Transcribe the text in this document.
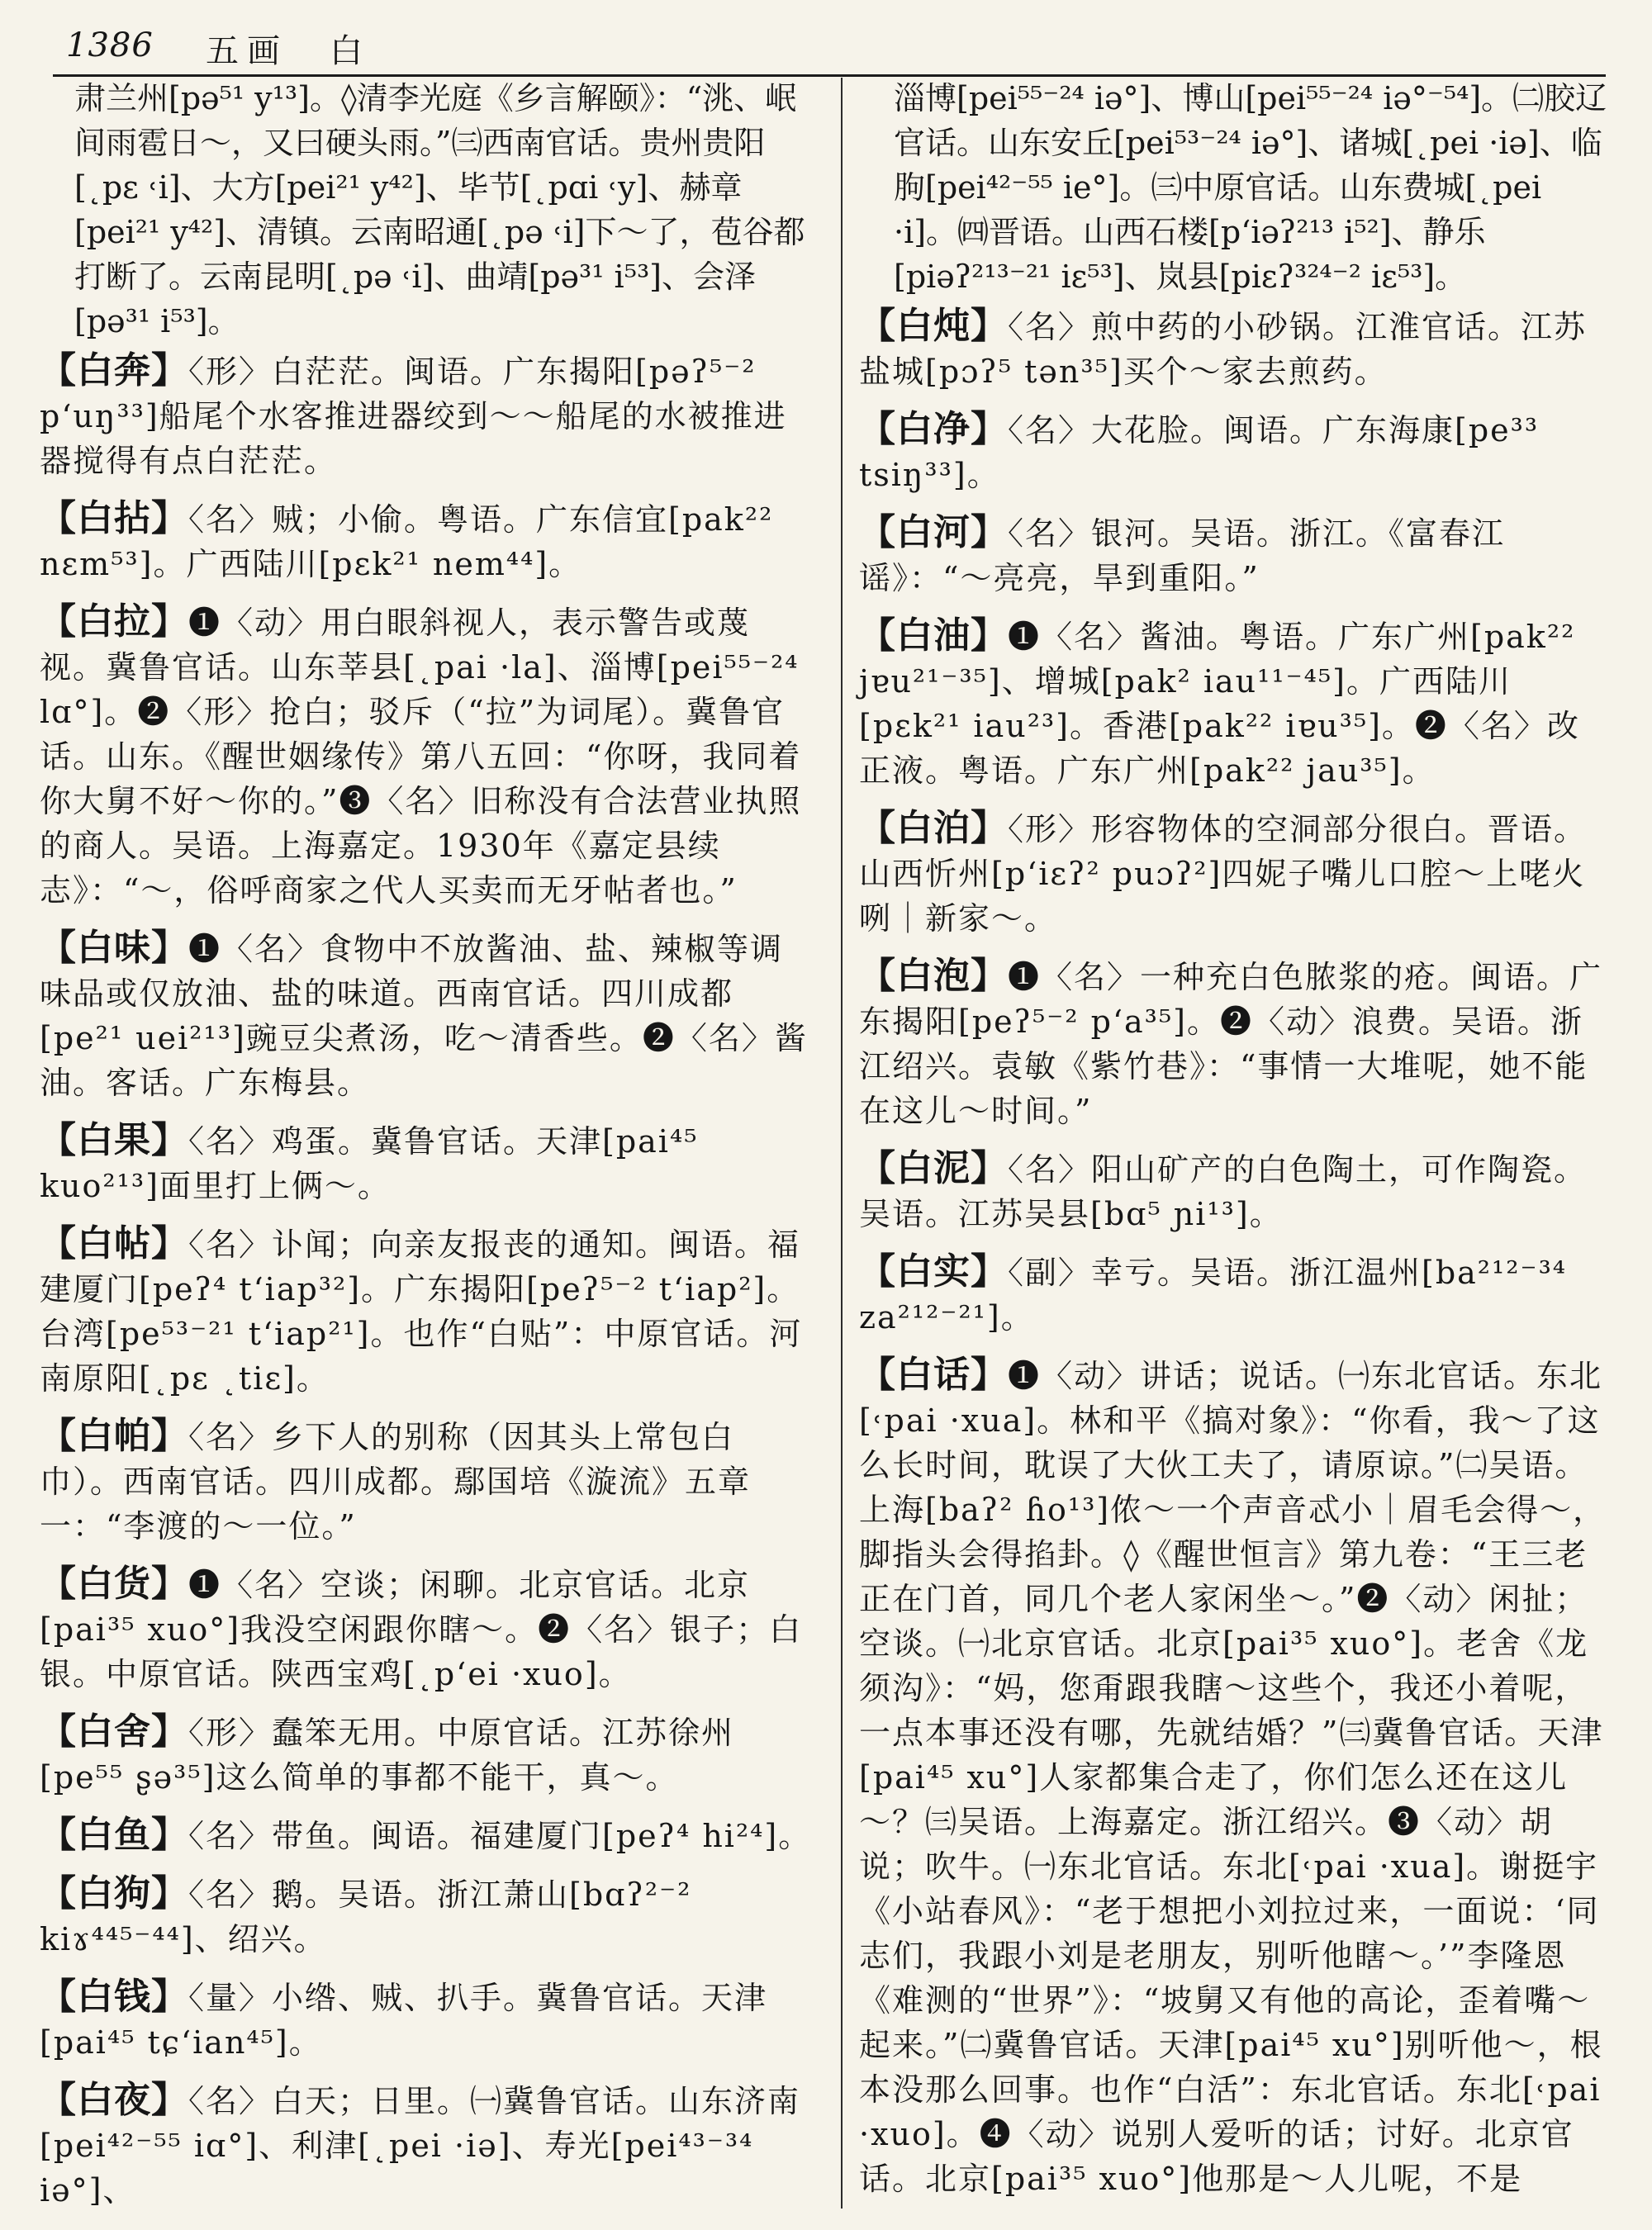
1386 五画　白

肃兰州[pə⁵¹ y¹³]。◊清李光庭《乡言解颐》：“洮、岷间雨雹日～，又曰硬头雨。”㈢西南官话。贵州贵阳[˛pɛ ˓i]、大方[pei²¹ y⁴²]、毕节[˛pɑi ˓y]、赫章[pei²¹ y⁴²]、清镇。云南昭通[˛pə ˓i]下～了，苞谷都打断了。云南昆明[˛pə ˓i]、曲靖[pə³¹ i⁵³]、会泽[pə³¹ i⁵³]。

【白奔】〈形〉白茫茫。闽语。广东揭阳[pəʔ⁵⁻² p‘uŋ³³]船尾个水客推进器绞到～～船尾的水被推进器搅得有点白茫茫。

【白拈】〈名〉贼；小偷。粤语。广东信宜[pak²² nɛm⁵³]。广西陆川[pɛk²¹ nem⁴⁴]。

【白拉】❶〈动〉用白眼斜视人，表示警告或蔑视。冀鲁官话。山东莘县[˛pai ·la]、淄博[pei⁵⁵⁻²⁴ lɑ°]。❷〈形〉抢白；驳斥（“拉”为词尾）。冀鲁官话。山东。《醒世姻缘传》第八五回：“你呀，我同着你大舅不好～你的。”❸〈名〉旧称没有合法营业执照的商人。吴语。上海嘉定。1930年《嘉定县续志》：“～，俗呼商家之代人买卖而无牙帖者也。”

【白味】❶〈名〉食物中不放酱油、盐、辣椒等调味品或仅放油、盐的味道。西南官话。四川成都[pe²¹ uei²¹³]豌豆尖煮汤，吃～清香些。❷〈名〉酱油。客话。广东梅县。

【白果】〈名〉鸡蛋。冀鲁官话。天津[pai⁴⁵ kuo²¹³]面里打上俩～。

【白帖】〈名〉讣闻；向亲友报丧的通知。闽语。福建厦门[peʔ⁴ t‘iap³²]。广东揭阳[peʔ⁵⁻² t‘iap²]。台湾[pe⁵³⁻²¹ t‘iap²¹]。也作“白贴”：中原官话。河南原阳[˛pɛ ˛tiɛ]。

【白帕】〈名〉乡下人的别称（因其头上常包白巾）。西南官话。四川成都。鄢国培《漩流》五章一：“李渡的～一位。”

【白货】❶〈名〉空谈；闲聊。北京官话。北京[pai³⁵ xuo°]我没空闲跟你瞎～。❷〈名〉银子；白银。中原官话。陕西宝鸡[˛p‘ei ·xuo]。

【白舍】〈形〉蠢笨无用。中原官话。江苏徐州[pe⁵⁵ ʂə³⁵]这么简单的事都不能干，真～。

【白鱼】〈名〉带鱼。闽语。福建厦门[peʔ⁴ hi²⁴]。

【白狗】〈名〉鹅。吴语。浙江萧山[bɑʔ²⁻² kiɤ⁴⁴⁵⁻⁴⁴]、绍兴。

【白钱】〈量〉小绺、贼、扒手。冀鲁官话。天津[pai⁴⁵ tɕ‘ian⁴⁵]。

【白夜】〈名〉白天；日里。㈠冀鲁官话。山东济南[pei⁴²⁻⁵⁵ iɑ°]、利津[˛pei ·iə]、寿光[pei⁴³⁻³⁴ iə°]、

淄博[pei⁵⁵⁻²⁴ iə°]、博山[pei⁵⁵⁻²⁴ iə°⁻⁵⁴]。㈡胶辽官话。山东安丘[pei⁵³⁻²⁴ iə°]、诸城[˛pei ·iə]、临朐[pei⁴²⁻⁵⁵ ie°]。㈢中原官话。山东费城[˛pei ·i]。㈣晋语。山西石楼[p‘iəʔ²¹³ i⁵²]、静乐[piəʔ²¹³⁻²¹ iɛ⁵³]、岚县[piɛʔ³²⁴⁻² iɛ⁵³]。

【白炖】〈名〉煎中药的小砂锅。江淮官话。江苏盐城[pɔʔ⁵ tən³⁵]买个～家去煎药。

【白净】〈名〉大花脸。闽语。广东海康[pe³³ tsiŋ³³]。

【白河】〈名〉银河。吴语。浙江。《富春江谣》：“～亮亮，旱到重阳。”

【白油】❶〈名〉酱油。粤语。广东广州[pak²² jɐu²¹⁻³⁵]、增城[pak² iau¹¹⁻⁴⁵]。广西陆川[pɛk²¹ iau²³]。香港[pak²² iɐu³⁵]。❷〈名〉改正液。粤语。广东广州[pak²² jau³⁵]。

【白泊】〈形〉形容物体的空洞部分很白。晋语。山西忻州[p‘iɛʔ² puɔʔ²]四妮子嘴儿口腔～上咾火咧｜新家～。

【白泡】❶〈名〉一种充白色脓浆的疮。闽语。广东揭阳[peʔ⁵⁻² p‘a³⁵]。❷〈动〉浪费。吴语。浙江绍兴。袁敏《紫竹巷》：“事情一大堆呢，她不能在这儿～时间。”

【白泥】〈名〉阳山矿产的白色陶土，可作陶瓷。吴语。江苏吴县[bɑ⁵ ɲi¹³]。

【白实】〈副〉幸亏。吴语。浙江温州[ba²¹²⁻³⁴ za²¹²⁻²¹]。

【白话】❶〈动〉讲话；说话。㈠东北官话。东北[˓pai ·xua]。林和平《搞对象》：“你看，我～了这么长时间，耽误了大伙工夫了，请原谅。”㈡吴语。上海[baʔ² ɦo¹³]侬～一个声音忒小｜眉毛会得～，脚指头会得掐卦。◊《醒世恒言》第九卷：“王三老正在门首，同几个老人家闲坐～。”❷〈动〉闲扯；空谈。㈠北京官话。北京[pai³⁵ xuo°]。老舍《龙须沟》：“妈，您甭跟我瞎～这些个，我还小着呢，一点本事还没有哪，先就结婚？”㈢冀鲁官话。天津[pai⁴⁵ xu°]人家都集合走了，你们怎么还在这儿～？㈢吴语。上海嘉定。浙江绍兴。❸〈动〉胡说；吹牛。㈠东北官话。东北[˓pai ·xua]。谢挺宇《小站春风》：“老于想把小刘拉过来，一面说：‘同志们，我跟小刘是老朋友，别听他瞎～。’”李隆恩《难测的“世界”》：“坡舅又有他的高论，歪着嘴～起来。”㈡冀鲁官话。天津[pai⁴⁵ xu°]别听他～，根本没那么回事。也作“白活”：东北官话。东北[˓pai ·xuo]。❹〈动〉说别人爱听的话；讨好。北京官话。北京[pai³⁵ xuo°]他那是～人儿呢，不是
